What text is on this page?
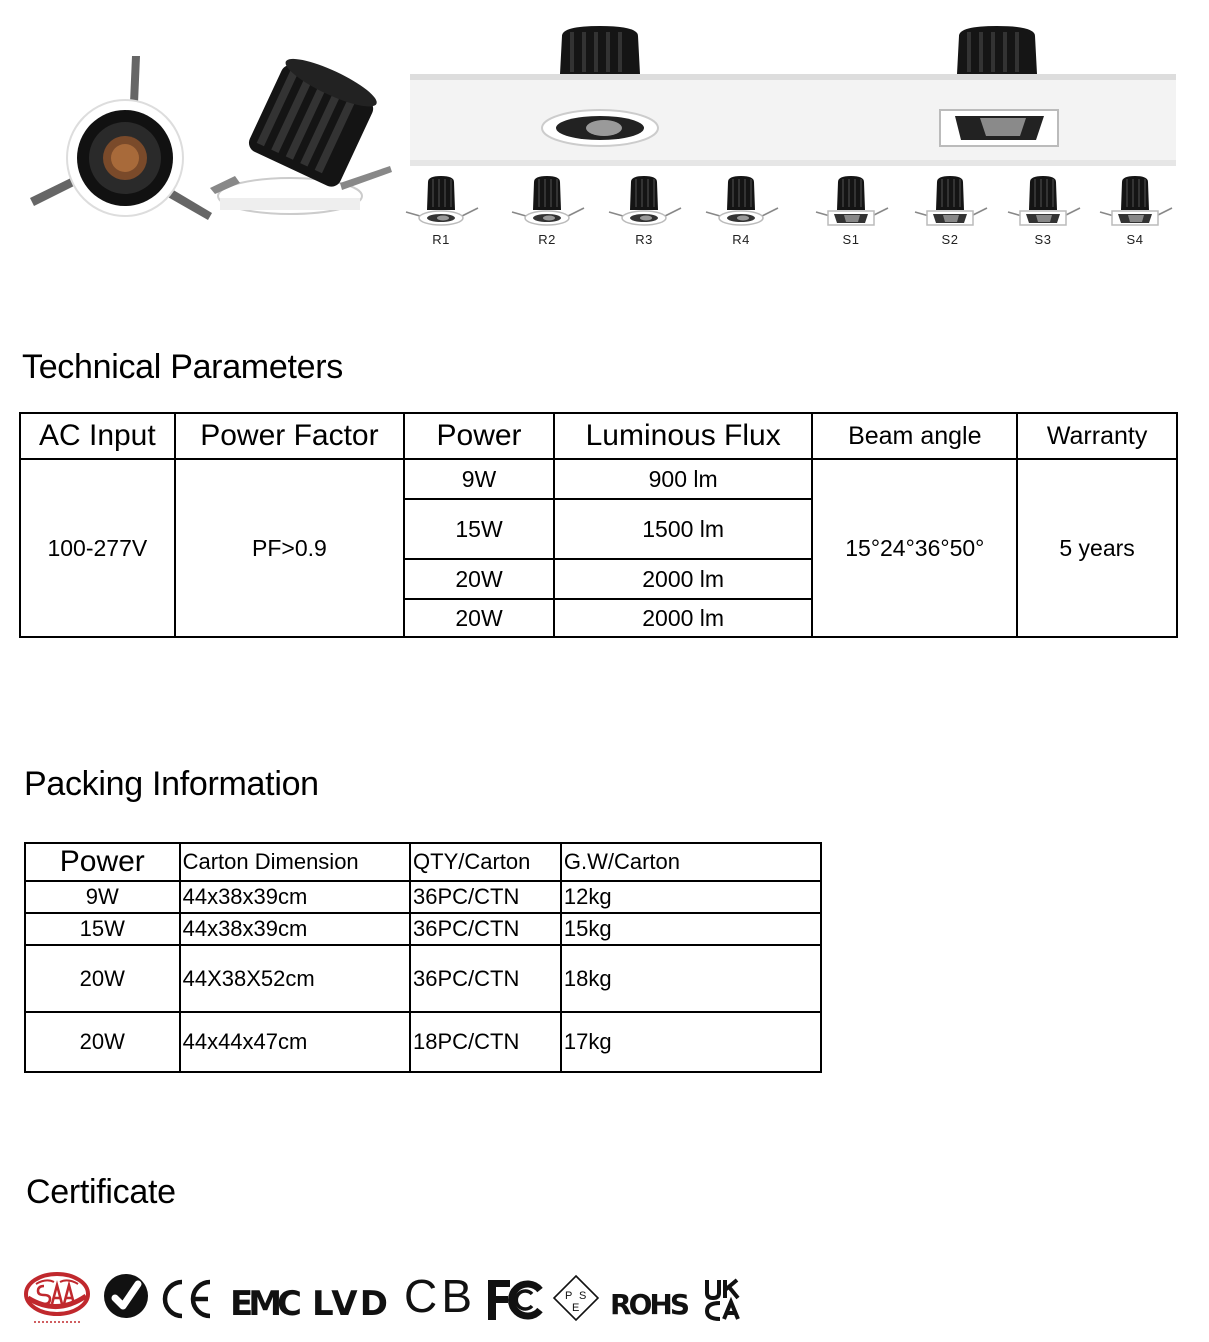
R1	R2	R3	R4	S1	S2	S3	S4
Technical Parameters
AC Input	Power Factor	Power	Luminous Flux	Beam angle	Warranty
100-277V	PF>0.9	9W	900 lm	15°24°36°50°	5 years
		15W	1500 lm		
		20W	2000 lm		
		20W	2000 lm		
Packing Information
Power	Carton Dimension	QTY/Carton	G.W/Carton
9W	44x38x39cm	36PC/CTN	12kg
15W	44x38x39cm	36PC/CTN	15kg
20W	44X38X52cm	36PC/CTN	18kg
20W	44x44x47cm	18PC/CTN	17kg
Certificate
EMC LVD CB	P S
E ROHS
